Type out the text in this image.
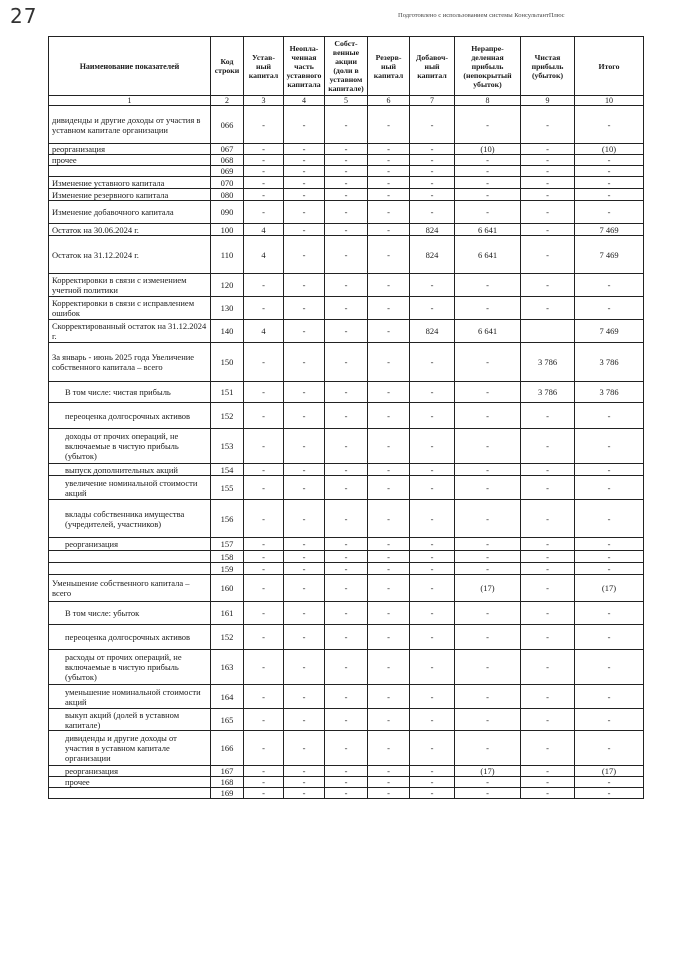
27	Подготовлено с использованием системы КонсультантПлюс
Наименование показателей	Код строки	Устав-ный капитал	Неопла-ченная часть уставного капитала	Собст-венные акции (доли в уставном капитале)	Резерв-ный капитал	Добавоч-ный капитал	Нерапре-деленная прибыль (непокрытый убыток)	Чистая прибыль (убыток)	Итого
1	2	3	4	5	6	7	8	9	10
дивиденды и другие доходы от участия в уставном капитале организации	066	-	-	-	-	-	-	-	-
реорганизация	067	-	-	-	-	-	(10)	-	(10)
прочее	068	-	-	-	-	-	-	-	-
	069	-	-	-	-	-	-	-	-
Изменение уставного капитала	070	-	-	-	-	-	-	-	-
Изменение резервного капитала	080	-	-	-	-	-	-	-	-
Изменение добавочного капитала	090	-	-	-	-	-	-	-	-
Остаток на 30.06.2024 г.	100	4	-	-	-	824	6 641	-	7 469
Остаток на 31.12.2024 г.	110	4	-	-	-	824	6 641	-	7 469
Корректировки в связи с изменением учетной политики	120	-	-	-	-	-	-	-	-
Корректировки в связи с исправлением ошибок	130	-	-	-	-	-	-	-	-
Скорректированный остаток на 31.12.2024 г.	140	4	-	-	-	824	6 641		7 469
За январь - июнь 2025 года Увеличение собственного капитала – всего	150	-	-	-	-	-	-	3 786	3 786
В том числе: чистая прибыль	151	-	-	-	-	-	-	3 786	3 786
переоценка долгосрочных активов	152	-	-	-	-	-	-	-	-
доходы от прочих операций, не включаемые в чистую прибыль (убыток)	153	-	-	-	-	-	-	-	-
выпуск дополнительных акций	154	-	-	-	-	-	-	-	-
увеличение номинальной стоимости акций	155	-	-	-	-	-	-	-	-
вклады собственника имущества (учредителей, участников)	156	-	-	-	-	-	-	-	-
реорганизация	157	-	-	-	-	-	-	-	-
	158	-	-	-	-	-	-	-	-
	159	-	-	-	-	-	-	-	-
Уменьшение собственного капитала – всего	160	-	-	-	-	-	(17)	-	(17)
В том числе: убыток	161	-	-	-	-	-	-	-	-
переоценка долгосрочных активов	152	-	-	-	-	-	-	-	-
расходы от прочих операций, не включаемые в чистую прибыль (убыток)	163	-	-	-	-	-	-	-	-
уменьшение номинальной стоимости акций	164	-	-	-	-	-	-	-	-
выкуп акций (долей в уставном капитале)	165	-	-	-	-	-	-	-	-
дивиденды и другие доходы от участия в уставном капитале организации	166	-	-	-	-	-	-	-	-
реорганизация	167	-	-	-	-	-	(17)	-	(17)
прочее	168	-	-	-	-	-	-	-	-
	169	-	-	-	-	-	-	-	-
